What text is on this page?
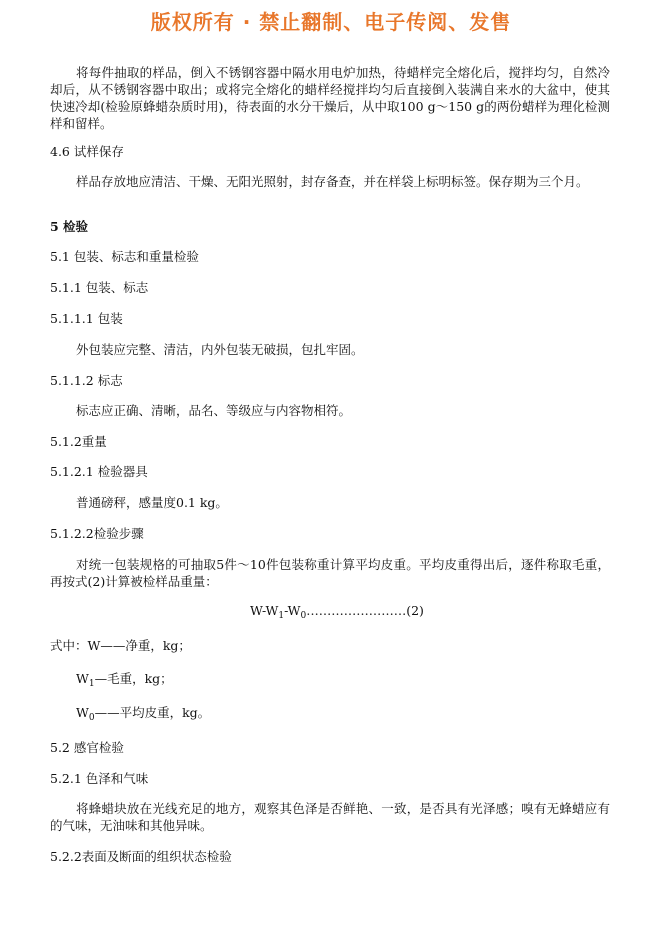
版权所有 · 禁止翻制、电子传阅、发售
将每件抽取的样品，倒入不锈钢容器中隔水用电炉加热，待蜡样完全熔化后，搅拌均匀，自然冷却后，从不锈钢容器中取出；或将完全熔化的蜡样经搅拌均匀后直接倒入装满自来水的大盆中，使其快速冷却(检验原蜂蜡杂质时用)，待表面的水分干燥后，从中取100 g～150 g的两份蜡样为理化检测样和留样。
4.6 试样保存
样品存放地应清洁、干燥、无阳光照射，封存备查，并在样袋上标明标签。保存期为三个月。
5 检验
5.1 包装、标志和重量检验
5.1.1 包装、标志
5.1.1.1 包装
外包装应完整、清洁，内外包装无破损，包扎牢固。
5.1.1.2 标志
标志应正确、清晰，品名、等级应与内容物相符。
5.1.2重量
5.1.2.1 检验器具
普通磅秤，感量度0.1 kg。
5.1.2.2检验步骤
对统一包装规格的可抽取5件～10件包装称重计算平均皮重。平均皮重得出后，逐件称取毛重，再按式(2)计算被检样品重量：
$W-W_1-W_0\dots\dots\dots\dots\dots\dots\dots\dots(2)$
式中：W——净重，kg；
$W_1—$毛重，kg；
$W_0——$平均皮重，kg。
5.2 感官检验
5.2.1 色泽和气味
将蜂蜡块放在光线充足的地方，观察其色泽是否鲜艳、一致，是否具有光泽感；嗅有无蜂蜡应有的气味，无油味和其他异味。
5.2.2表面及断面的组织状态检验
